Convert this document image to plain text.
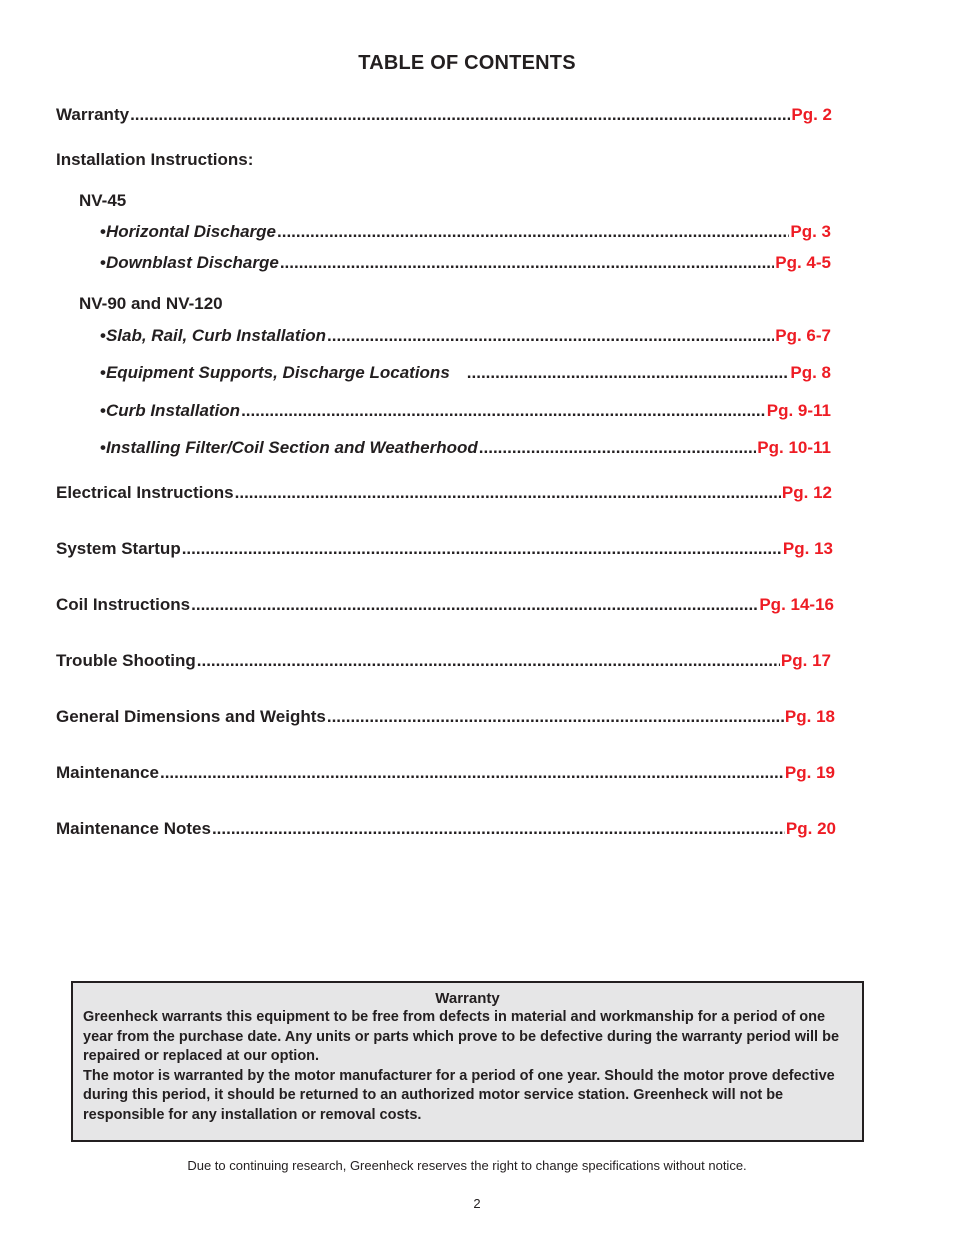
TABLE OF CONTENTS
Warranty .....	Pg. 2
Installation Instructions:
NV-45
•Horizontal Discharge .....	Pg. 3
•Downblast Discharge .....	Pg. 4-5
NV-90 and NV-120
•Slab, Rail, Curb Installation .....	Pg. 6-7
•Equipment Supports, Discharge Locations .....	Pg. 8
•Curb Installation .....	Pg. 9-11
•Installing Filter/Coil Section and Weatherhood .....	Pg. 10-11
Electrical Instructions .....	Pg. 12
System Startup .....	Pg. 13
Coil Instructions .....	Pg. 14-16
Trouble Shooting .....	Pg. 17
General Dimensions and Weights .....	Pg. 18
Maintenance .....	Pg. 19
Maintenance Notes .....	Pg. 20
Warranty

Greenheck warrants this equipment to be free from defects in material and workmanship for a period of one year from the purchase date. Any units or parts which prove to be defective during the warranty period will be repaired or replaced at our option.

The motor is warranted by the motor manufacturer for a period of one year. Should the motor prove defective during this period, it should be returned to an authorized motor service station. Greenheck will not be responsible for any installation or removal costs.

Due to continuing research, Greenheck reserves the right to change specifications without notice.
2
